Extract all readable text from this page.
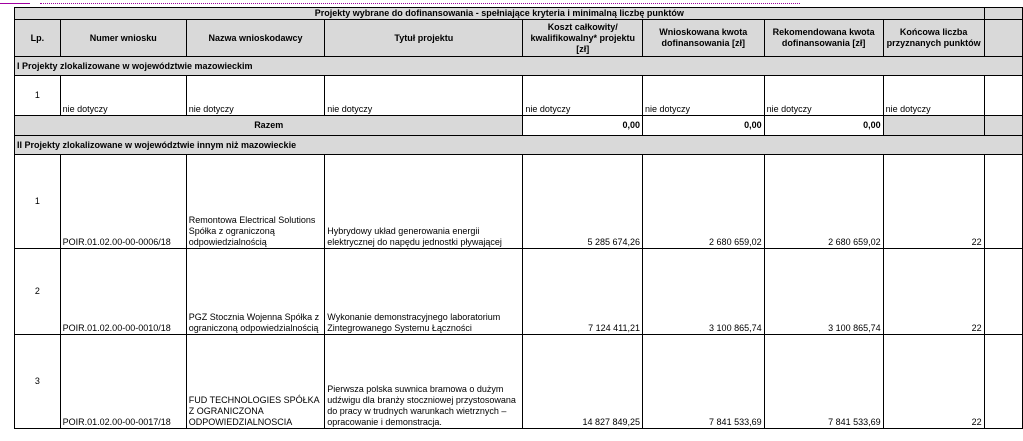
Projekty wybrane do dofinansowania - spełniające kryteria i minimalną liczbę punktów								
Lp.	Numer wniosku	Nazwa wnioskodawcy	Tytuł projektu	Koszt całkowity/ kwalifikowalny* projektu [zł]	Wnioskowana kwota dofinansowania [zł]	Rekomendowana kwota dofinansowania [zł]	Końcowa liczba przyznanych punktów	
I Projekty zlokalizowane w województwie mazowieckim								
1	nie dotyczy	nie dotyczy	nie dotyczy	nie dotyczy	nie dotyczy	nie dotyczy	nie dotyczy	
Razem				0,00	0,00	0,00		
II Projekty zlokalizowane w województwie innym niż mazowieckie								
1	POIR.01.02.00-00-0006/18	Remontowa Electrical Solutions Spółka z ograniczoną odpowiedzialnością	Hybrydowy układ generowania energii elektrycznej do napędu jednostki pływającej	5 285 674,26	2 680 659,02	2 680 659,02	22	
2	POIR.01.02.00-00-0010/18	PGZ Stocznia Wojenna Spółka z ograniczoną odpowiedzialnością	Wykonanie demonstracyjnego laboratorium Zintegrowanego Systemu Łączności	7 124 411,21	3 100 865,74	3 100 865,74	22	
3	POIR.01.02.00-00-0017/18	FUD TECHNOLOGIES SPÓŁKA Z OGRANICZONA ODPOWIEDZIALNOSCIA	Pierwsza polska suwnica bramowa o dużym udźwigu dla branży stoczniowej przystosowana do pracy w trudnych warunkach wietrznych – opracowanie i demonstracja.	14 827 849,25	7 841 533,69	7 841 533,69	22	
